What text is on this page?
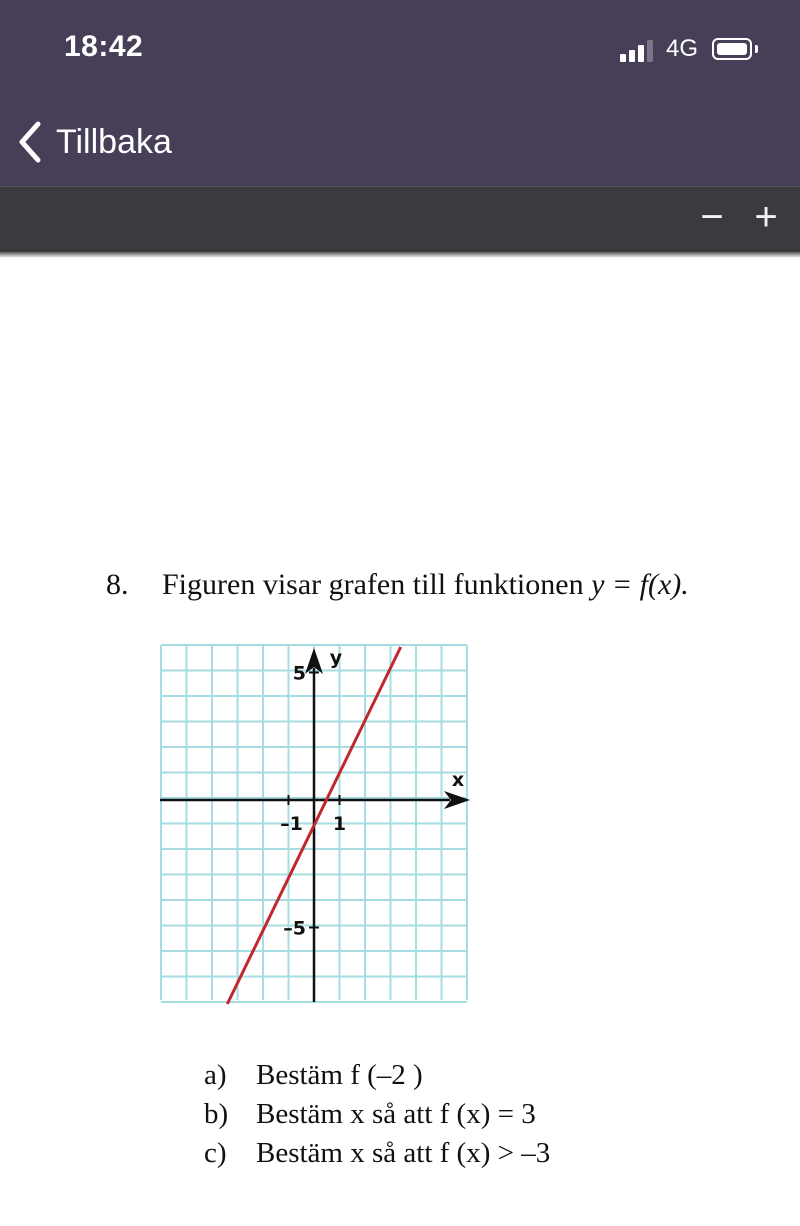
18:42	4G
Tillbaka
− +
8. Figuren visar grafen till funktionen y = f(x).
–1 1
5
–5
x
y
a)	Bestäm f (–2 )
b) Bestäm x så att f (x) = 3
c)	Bestäm x så att f (x) > –3
